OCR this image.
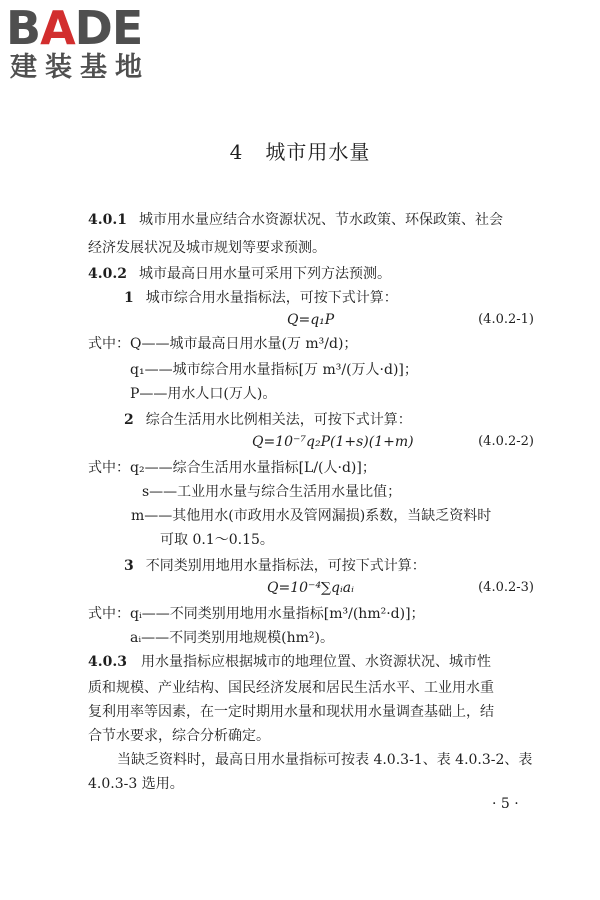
BADE
建装基地
4 城市用水量
4.0.1 城市用水量应结合水资源状况、节水政策、环保政策、社会
经济发展状况及城市规划等要求预测。
4.0.2 城市最高日用水量可采用下列方法预测。
1 城市综合用水量指标法，可按下式计算：
Q=q₁P	(4.0.2-1)
式中：Q——城市最高日用水量(万 m³/d)；
q₁——城市综合用水量指标[万 m³/(万人·d)]；
P——用水人口(万人)。
2 综合生活用水比例相关法，可按下式计算：
Q=10⁻⁷q₂P(1+s)(1+m)	(4.0.2-2)
式中：q₂——综合生活用水量指标[L/(人·d)]；
s——工业用水量与综合生活用水量比值；
m——其他用水(市政用水及管网漏损)系数，当缺乏资料时
可取 0.1～0.15。
3 不同类别用地用水量指标法，可按下式计算：
Q=10⁻⁴∑qᵢaᵢ	(4.0.2-3)
式中：qᵢ——不同类别用地用水量指标[m³/(hm²·d)]；
aᵢ——不同类别用地规模(hm²)。
4.0.3 用水量指标应根据城市的地理位置、水资源状况、城市性
质和规模、产业结构、国民经济发展和居民生活水平、工业用水重
复利用率等因素，在一定时期用水量和现状用水量调查基础上，结
合节水要求，综合分析确定。
当缺乏资料时，最高日用水量指标可按表 4.0.3-1、表 4.0.3-2、表
4.0.3-3 选用。
· 5 ·
